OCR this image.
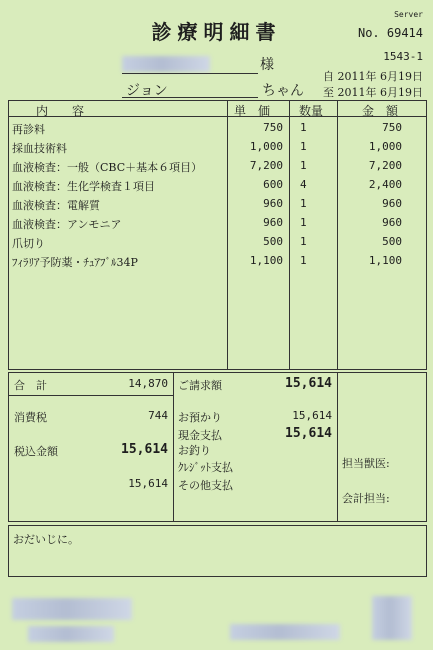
診療明細書
Server
No. 69414
1543-1
自 2011年 6月19日
至 2011年 6月19日
様
ジョン	ちゃん
内　　容	単　価 数量	金　額
再診料	750 1	750
採血技術料	1,000 1	1,000
血液検査：一般（CBC＋基本６項目）	7,200 1	7,200
血液検査：生化学検査１項目	600 4	2,400
血液検査：電解質	960 1	960
血液検査：アンモニア	960 1	960
爪切り	500 1	500
ﾌｨﾗﾘｱ予防薬・ﾁｭｱﾌﾞﾙ34P	1,100 1	1,100
合　計	14,870
消費税	744
税込金額	15,614
15,614
ご請求額	15,614
お預かり	15,614
現金支払	15,614
お釣り
ｸﾚｼﾞｯﾄ支払
その他支払
担当獣医:
会計担当:
おだいじに。
